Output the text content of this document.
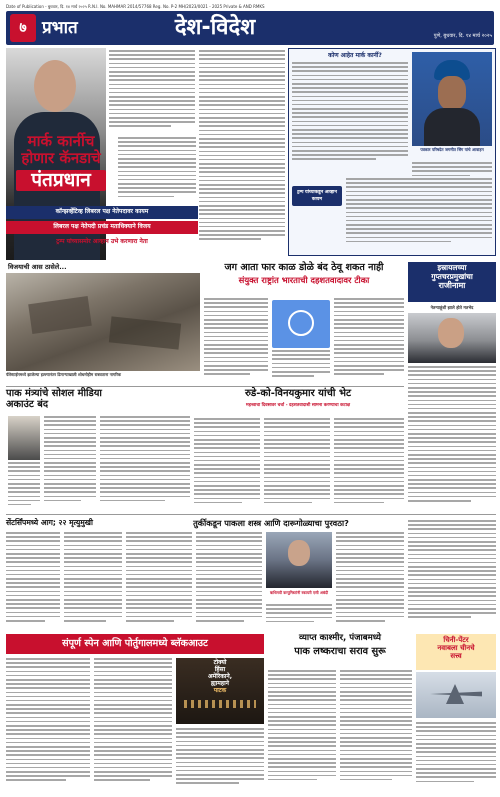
Date of Publication - बुधवार, दि. १४ मार्च २०२५ R.N.I. No. MAHMAR 2014/57768 Reg. No. P-2 MH/2023/0021 - 2025 Private & AND RMKS
७ प्रभात	देश-विदेश	पुणे, बुधवार, दि. १४ मार्च २०२५
मार्क कार्नीच
होणार कॅनडाचे
पंतप्रधान
कॉन्झर्व्हेटिव्ह लिबरल पक्ष नेतेपदावर कायम
लिबरल पक्ष नेतेपदी प्रचंड मताधिक्याने विजय
ट्रम्प यांच्यासमोर आव्हान उभे करणारा नेता
कोण आहेत मार्क कार्नी?
पत्रकार परिषदेत जगमीत सिंग यांचे आवाहन
ट्रम्प यांच्याकडून आव्हान कायम
विजयाची आस ठासेले...
पॅलेस्टाईनमध्ये झालेल्या हल्ल्यानंतर ढिगाऱ्याखाली शोधमोहीम राबवताना नागरिक
जग आता फार काळ डोळे बंद ठेवू शकत नाही
संयुक्त राष्ट्रांत भारताची दहशतवादावर टीका
इस्रायलच्या
गुप्तचरप्रमुखांचा
राजीनामा
नेतन्याहूंशी झाले होते मतभेद
पाक मंत्र्यांचे सोशल मीडिया
अकाउंट बंद
रुडे-को-विनयकुमार यांची भेट
महत्त्वाचा दिवसावर चर्चा - दहशतवादाशी सामना करण्याचा कटाक्ष
सेंटर्सिंपमध्ये आग; २२ मृत्युमुखी	तुर्कीकडून पाकला शस्त्र आणि दारूगोळ्याचा पुरवठा?
बाथिमयी कम्युनिस्टांनी स्कायरी एसी अबंदी
संपूर्ण स्पेन आणि पोर्तुगालमध्ये ब्लॅकआउट
टोक्यो
हिंसा
अमेरिकाने,
ह्यामहाने
पाटक
व्याप्त काश्मीर, पंजाबमध्ये
पाक लष्कराचा सराव सुरू
चिनी-पेंटर
नवाबला चीनचे
सत्त्व
